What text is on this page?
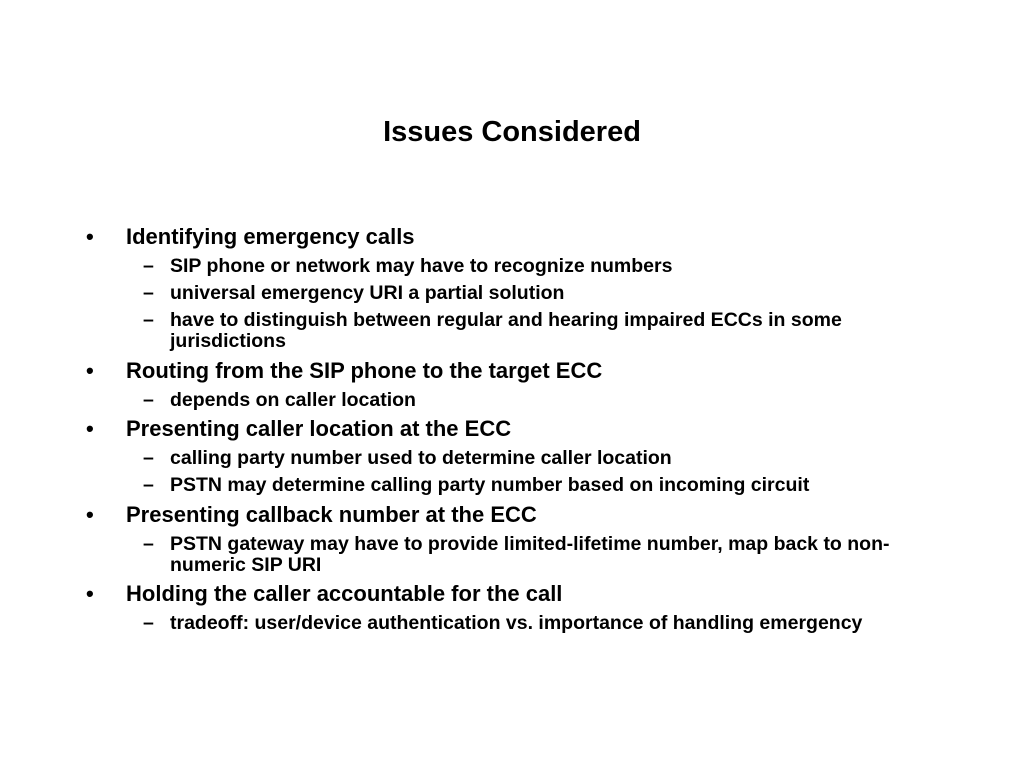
Issues Considered
•	Identifying emergency calls
– SIP phone or network may have to recognize numbers
– universal emergency URI a partial solution
– have to distinguish between regular and hearing impaired ECCs in some jurisdictions
•	Routing from the SIP phone to the target ECC
– depends on caller location
•	Presenting caller location at the ECC
– calling party number used to determine caller location
– PSTN may determine calling party number based on incoming circuit
•	Presenting callback number at the ECC
– PSTN gateway may have to provide limited-lifetime number, map back to non-numeric SIP URI
•	Holding the caller accountable for the call
– tradeoff: user/device authentication vs. importance of handling emergency
